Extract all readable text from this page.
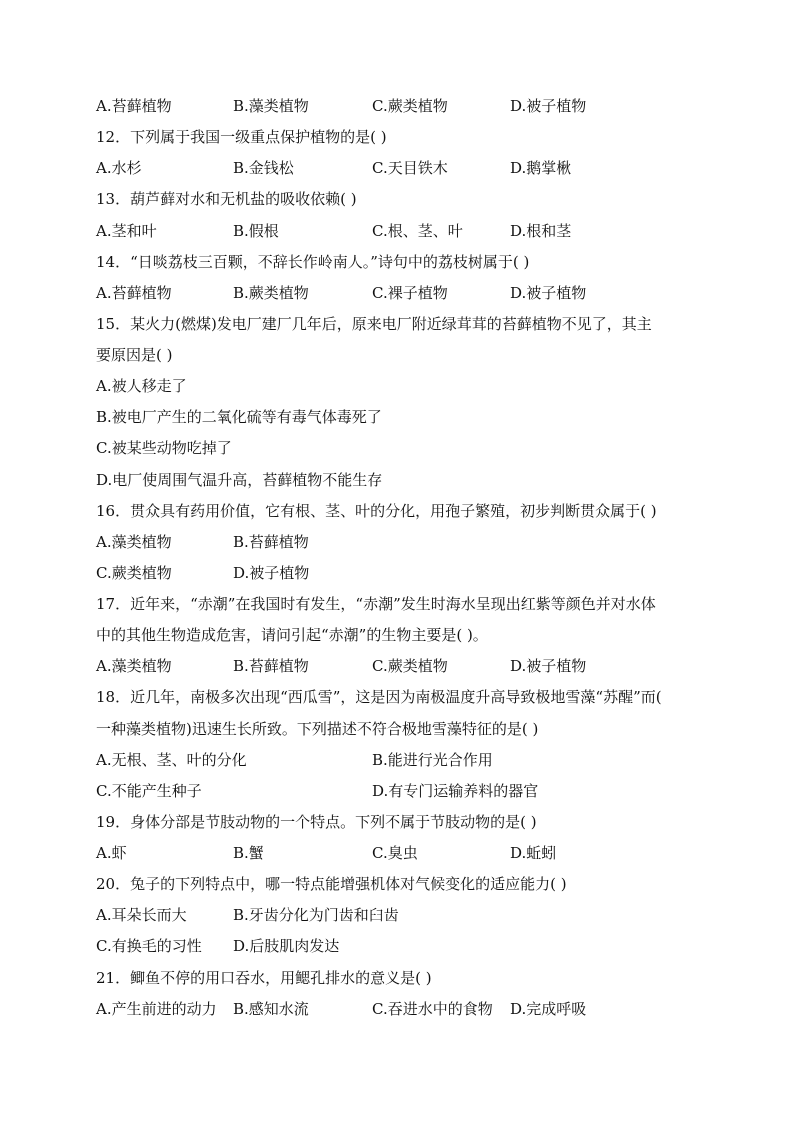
A.苔藓植物	B.藻类植物	C.蕨类植物	D.被子植物
12．下列属于我国一级重点保护植物的是( )
A.水杉	B.金钱松	C.天目铁木	D.鹅掌楸
13．葫芦藓对水和无机盐的吸收依赖( )
A.茎和叶	B.假根	C.根、茎、叶	D.根和茎
14．“日啖荔枝三百颗，不辞长作岭南人。”诗句中的荔枝树属于( )
A.苔藓植物	B.蕨类植物	C.裸子植物	D.被子植物
15．某火力(燃煤)发电厂建厂几年后，原来电厂附近绿茸茸的苔藓植物不见了，其主
要原因是( )
A.被人移走了
B.被电厂产生的二氧化硫等有毒气体毒死了
C.被某些动物吃掉了
D.电厂使周围气温升高，苔藓植物不能生存
16．贯众具有药用价值，它有根、茎、叶的分化，用孢子繁殖，初步判断贯众属于( )
A.藻类植物	B.苔藓植物
C.蕨类植物	D.被子植物
17．近年来，“赤潮”在我国时有发生，“赤潮”发生时海水呈现出红紫等颜色并对水体
中的其他生物造成危害，请问引起“赤潮”的生物主要是( )。
A.藻类植物	B.苔藓植物	C.蕨类植物	D.被子植物
18．近几年，南极多次出现“西瓜雪”，这是因为南极温度升高导致极地雪藻“苏醒”而(
一种藻类植物)迅速生长所致。下列描述不符合极地雪藻特征的是( )
A.无根、茎、叶的分化	B.能进行光合作用
C.不能产生种子	D.有专门运输养料的器官
19．身体分部是节肢动物的一个特点。下列不属于节肢动物的是( )
A.虾	B.蟹	C.臭虫	D.蚯蚓
20．兔子的下列特点中，哪一特点能增强机体对气候变化的适应能力( )
A.耳朵长而大	B.牙齿分化为门齿和臼齿
C.有换毛的习性 D.后肢肌肉发达
21．鲫鱼不停的用口吞水，用鳃孔排水的意义是( )
A.产生前进的动力 B.感知水流	C.吞进水中的食物 D.完成呼吸
